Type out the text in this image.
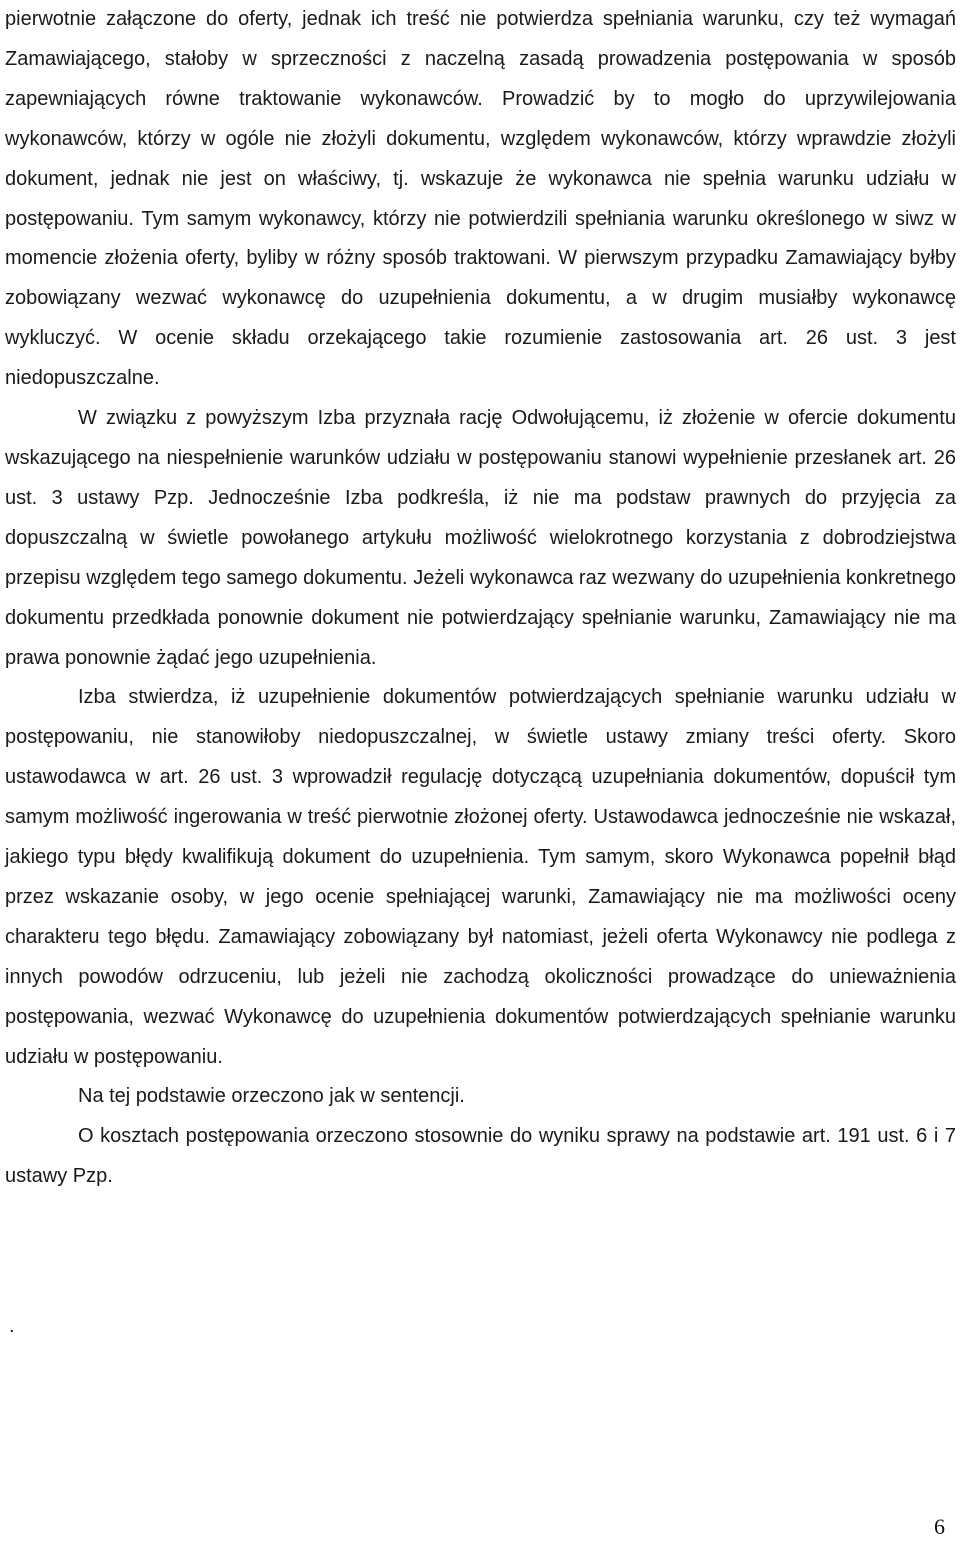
pierwotnie załączone do oferty, jednak ich treść nie potwierdza spełniania warunku, czy też wymagań Zamawiającego, stałoby w sprzeczności z naczelną zasadą prowadzenia postępowania w sposób zapewniających równe traktowanie wykonawców. Prowadzić by to mogło do uprzywilejowania wykonawców, którzy w ogóle nie złożyli dokumentu, względem wykonawców, którzy wprawdzie złożyli dokument, jednak nie jest on właściwy, tj. wskazuje że wykonawca nie spełnia warunku udziału w postępowaniu. Tym samym wykonawcy, którzy nie potwierdzili spełniania warunku określonego w siwz w momencie złożenia oferty, byliby w różny sposób traktowani. W pierwszym przypadku Zamawiający byłby zobowiązany wezwać wykonawcę do uzupełnienia dokumentu, a w drugim musiałby wykonawcę wykluczyć. W ocenie składu orzekającego takie rozumienie zastosowania art. 26 ust. 3 jest niedopuszczalne.

W związku z powyższym Izba przyznała rację Odwołującemu, iż złożenie w ofercie dokumentu wskazującego na niespełnienie warunków udziału w postępowaniu stanowi wypełnienie przesłanek art. 26 ust. 3 ustawy Pzp. Jednocześnie Izba podkreśla, iż nie ma podstaw prawnych do przyjęcia za dopuszczalną w świetle powołanego artykułu możliwość wielokrotnego korzystania z dobrodziejstwa przepisu względem tego samego dokumentu. Jeżeli wykonawca raz wezwany do uzupełnienia konkretnego dokumentu przedkłada ponownie dokument nie potwierdzający spełnianie warunku, Zamawiający nie ma prawa ponownie żądać jego uzupełnienia.

Izba stwierdza, iż uzupełnienie dokumentów potwierdzających spełnianie warunku udziału w postępowaniu, nie stanowiłoby niedopuszczalnej, w świetle ustawy zmiany treści oferty. Skoro ustawodawca w art. 26 ust. 3 wprowadził regulację dotyczącą uzupełniania dokumentów, dopuścił tym samym możliwość ingerowania w treść pierwotnie złożonej oferty. Ustawodawca jednocześnie nie wskazał, jakiego typu błędy kwalifikują dokument do uzupełnienia. Tym samym, skoro Wykonawca popełnił błąd przez wskazanie osoby, w jego ocenie spełniającej warunki, Zamawiający nie ma możliwości oceny charakteru tego błędu. Zamawiający zobowiązany był natomiast, jeżeli oferta Wykonawcy nie podlega z innych powodów odrzuceniu, lub jeżeli nie zachodzą okoliczności prowadzące do unieważnienia postępowania, wezwać Wykonawcę do uzupełnienia dokumentów potwierdzających spełnianie warunku udziału w postępowaniu.

Na tej podstawie orzeczono jak w sentencji.

O kosztach postępowania orzeczono stosownie do wyniku sprawy na podstawie art. 191 ust. 6 i 7 ustawy Pzp.

.
6
